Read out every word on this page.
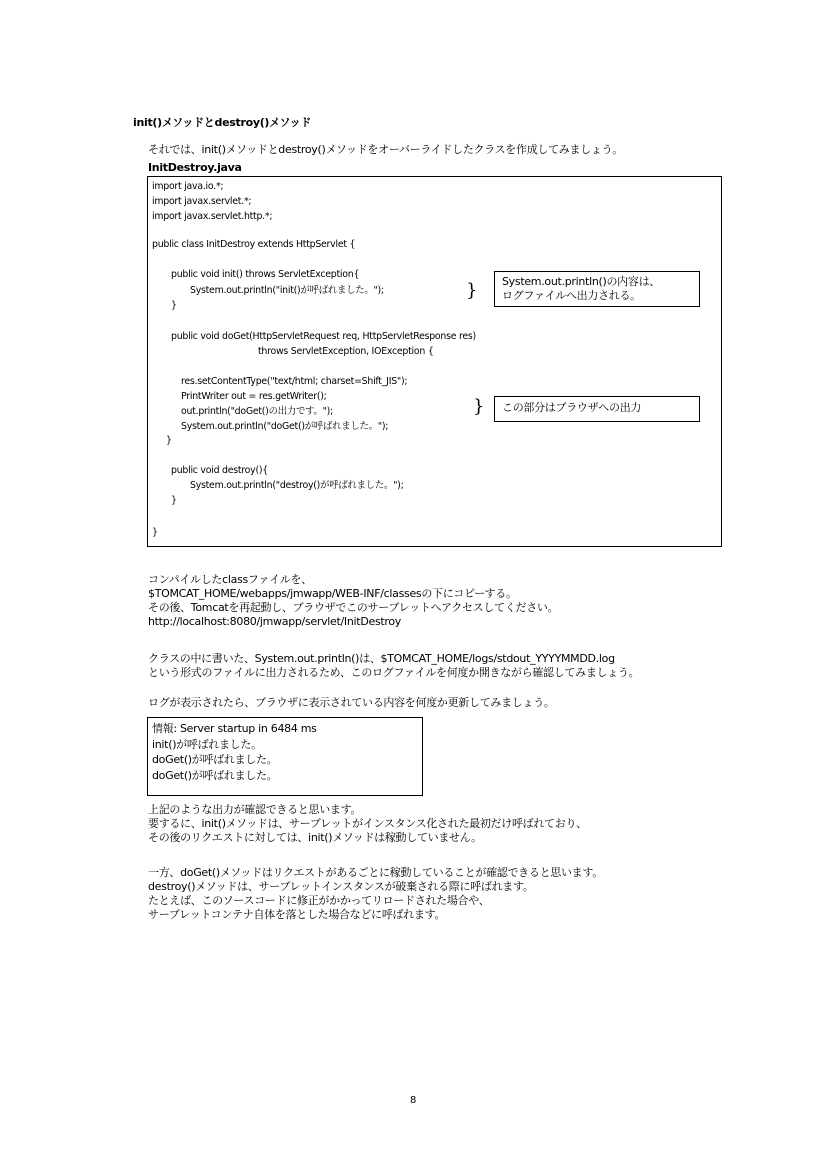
init()メソッドとdestroy()メソッド
それでは、init()メソッドとdestroy()メソッドをオーバーライドしたクラスを作成してみましょう。
InitDestroy.java
import java.io.*;
import javax.servlet.*;
import javax.servlet.http.*;
public class InitDestroy extends HttpServlet {
public void init() throws ServletException{
System.out.println("init()が呼ばれました。");
}
public void doGet(HttpServletRequest req, HttpServletResponse res)
throws ServletException, IOException {
res.setContentType("text/html; charset=Shift_JIS");
PrintWriter out = res.getWriter();
out.println("doGet()の出力です。");
System.out.println("doGet()が呼ばれました。");
}
public void destroy(){
System.out.println("destroy()が呼ばれました。");
}
}
}	System.out.println()の内容は、
ログファイルへ出力される。
}	この部分はブラウザへの出力
コンパイルしたclassファイルを、
$TOMCAT_HOME/webapps/jmwapp/WEB-INF/classesの下にコピーする。
その後、Tomcatを再起動し、ブラウザでこのサーブレットへアクセスしてください。
http://localhost:8080/jmwapp/servlet/InitDestroy
クラスの中に書いた、System.out.println()は、$TOMCAT_HOME/logs/stdout_YYYYMMDD.log
という形式のファイルに出力されるため、このログファイルを何度か開きながら確認してみましょう。
ログが表示されたら、ブラウザに表示されている内容を何度か更新してみましょう。
情報: Server startup in 6484 ms
init()が呼ばれました。
doGet()が呼ばれました。
doGet()が呼ばれました。
上記のような出力が確認できると思います。
要するに、init()メソッドは、サーブレットがインスタンス化された最初だけ呼ばれており、
その後のリクエストに対しては、init()メソッドは稼動していません。
一方、doGet()メソッドはリクエストがあるごとに稼動していることが確認できると思います。
destroy()メソッドは、サーブレットインスタンスが破棄される際に呼ばれます。
たとえば、このソースコードに修正がかかってリロードされた場合や、
サーブレットコンテナ自体を落とした場合などに呼ばれます。
8
